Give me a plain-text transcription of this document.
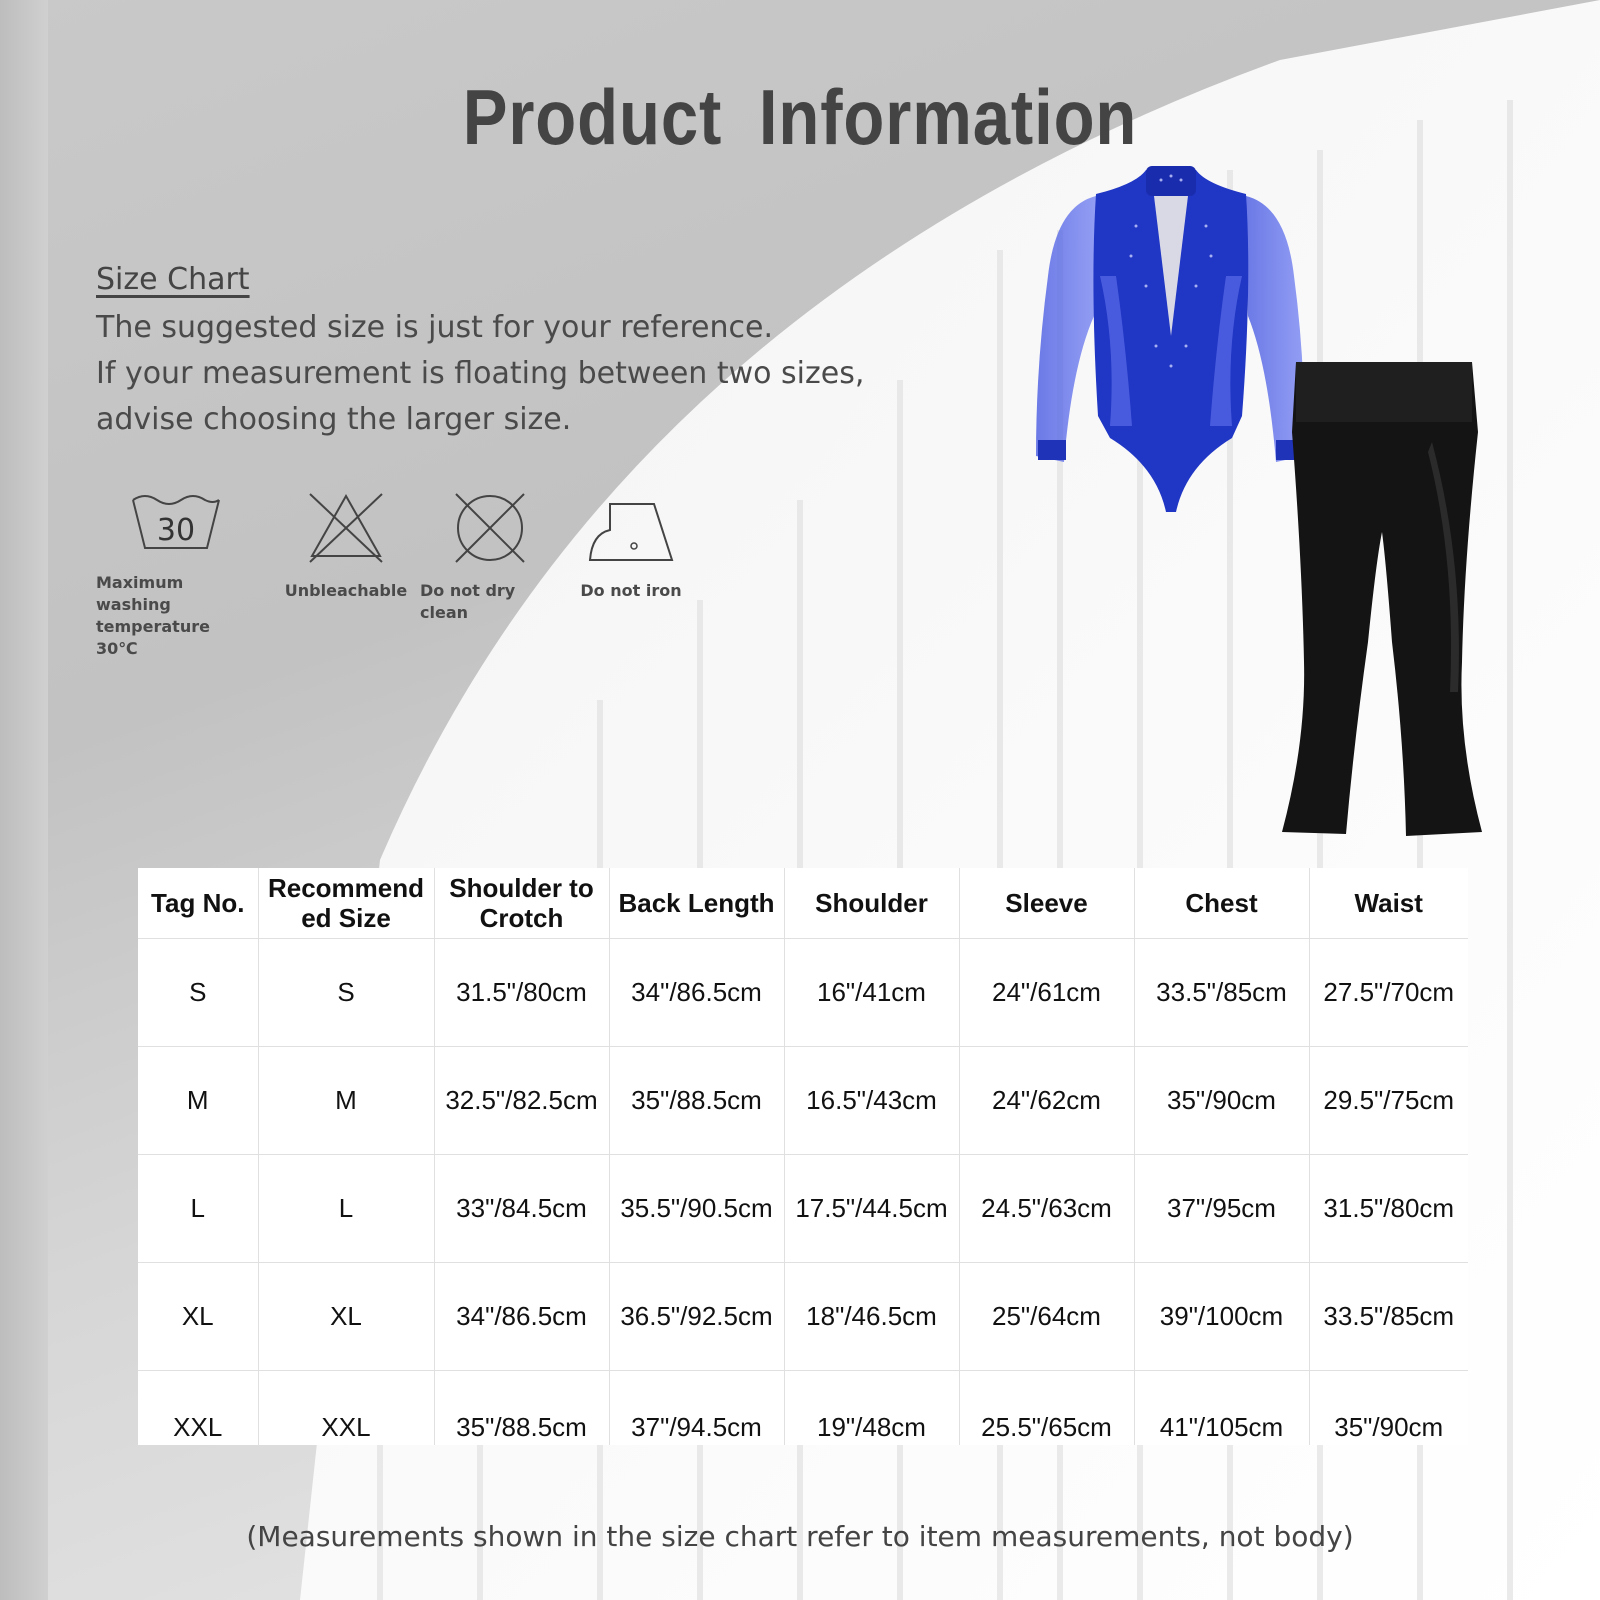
Product Information
Size Chart
The suggested size is just for your reference.
If your measurement is floating between two sizes,
advise choosing the larger size.
30
Maximum washing
temperature 30℃
Unbleachable Do not dry clean
Do not iron
Tag No.	Recommend ed Size	Shoulder to Crotch	Back Length	Shoulder	Sleeve	Chest	Waist
S	S	31.5"/80cm	34"/86.5cm	16"/41cm	24"/61cm	33.5"/85cm	27.5"/70cm
M	M	32.5"/82.5cm	35"/88.5cm	16.5"/43cm	24"/62cm	35"/90cm	29.5"/75cm
L	L	33"/84.5cm	35.5"/90.5cm	17.5"/44.5cm	24.5"/63cm	37"/95cm	31.5"/80cm
XL	XL	34"/86.5cm	36.5"/92.5cm	18"/46.5cm	25"/64cm	39"/100cm	33.5"/85cm
XXL	XXL	35"/88.5cm	37"/94.5cm	19"/48cm	25.5"/65cm	41"/105cm	35"/90cm
(Measurements shown in the size chart refer to item measurements, not body)
